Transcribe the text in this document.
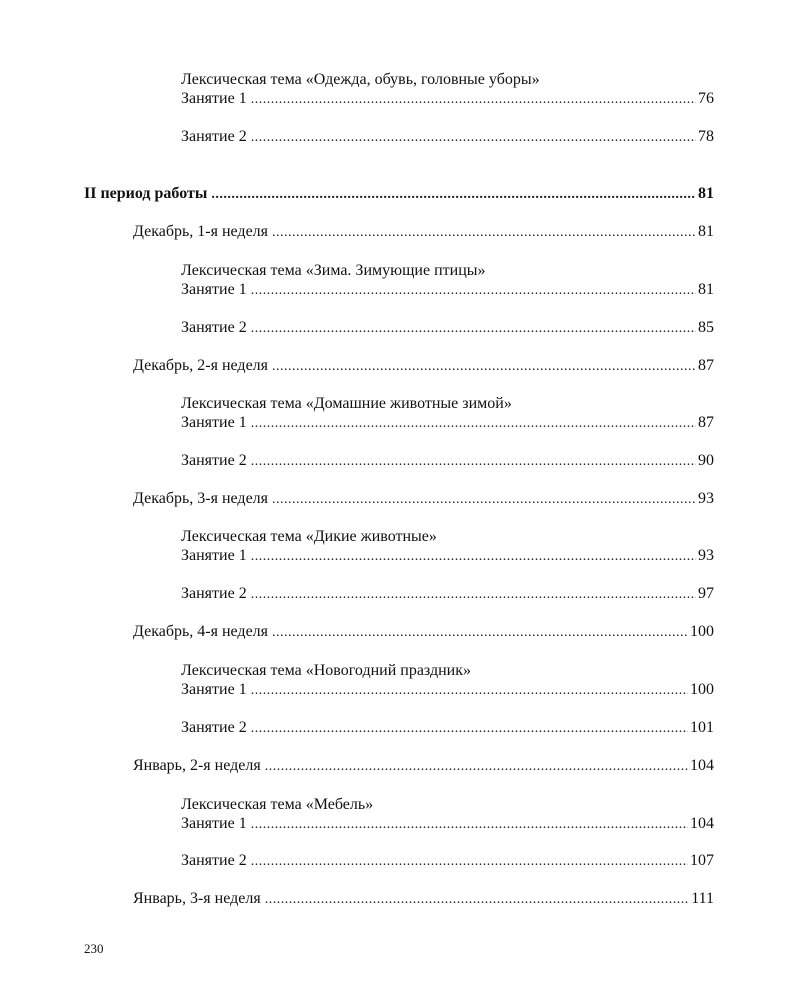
Лексическая тема «Одежда, обувь, головные уборы»
Занятие 1 .....	76
Занятие 2 .....	78
II период работы .....	81
Декабрь, 1-я неделя .....	81
Лексическая тема «Зима. Зимующие птицы»
Занятие 1 .....	81
Занятие 2 .....	85
Декабрь, 2-я неделя .....	87
Лексическая тема «Домашние животные зимой»
Занятие 1 .....	87
Занятие 2 .....	90
Декабрь, 3-я неделя .....	93
Лексическая тема «Дикие животные»
Занятие 1 .....	93
Занятие 2 .....	97
Декабрь, 4-я неделя .....	100
Лексическая тема «Новогодний праздник»
Занятие 1 .....	100
Занятие 2 .....	101
Январь, 2-я неделя .....	104
Лексическая тема «Мебель»
Занятие 1 .....	104
Занятие 2 .....	107
Январь, 3-я неделя .....	111
230
